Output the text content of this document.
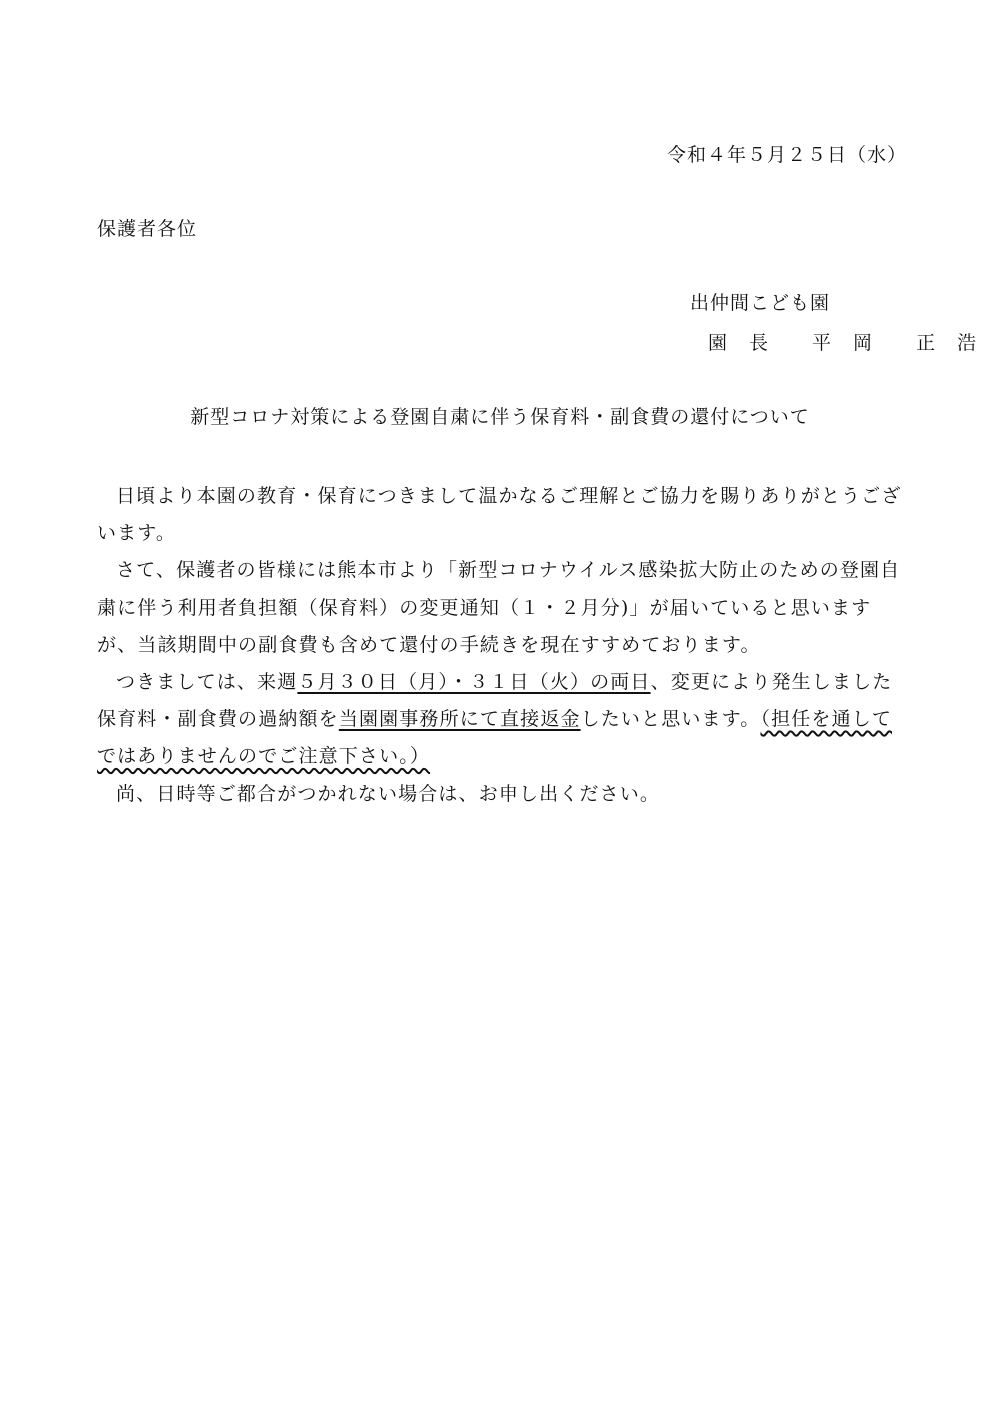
令和４年５月２５日（水）
保護者各位
出仲間こども園
園 長 平 岡 正 浩
新型コロナ対策による登園自粛に伴う保育料・副食費の還付について

日頃より本園の教育・保育につきまして温かなるご理解とご協力を賜りありがとうございます。

さて、保護者の皆様には熊本市より「新型コロナウイルス感染拡大防止のための登園自粛に伴う利用者負担額（保育料）の変更通知（１・２月分)」が届いていると思いますが、当該期間中の副食費も含めて還付の手続きを現在すすめております。

つきましては、来週５月３０日（月）・３１日（火）の両日、変更により発生しました保育料・副食費の過納額を当園園事務所にて直接返金したいと思います。（担任を通してではありませんのでご注意下さい。）

尚、日時等ご都合がつかれない場合は、お申し出ください。
